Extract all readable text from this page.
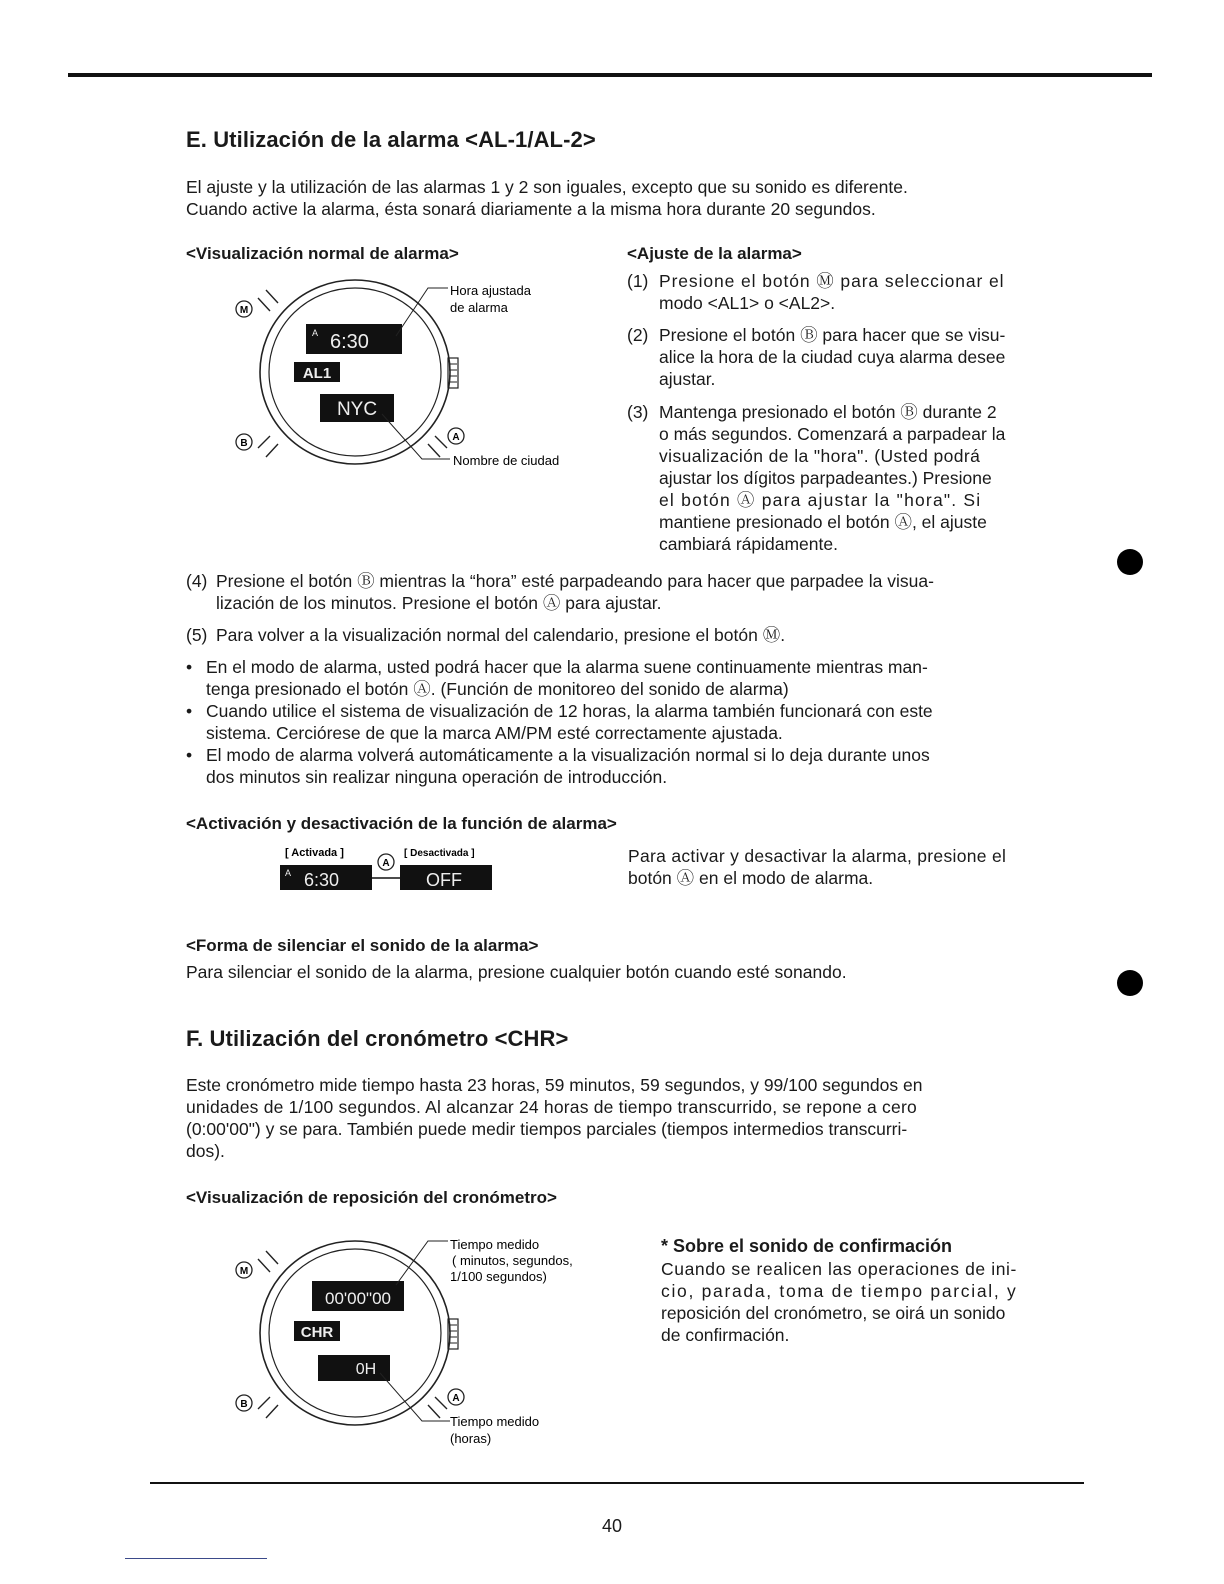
E. Utilización de la alarma <AL-1/AL-2>

El ajuste y la utilización de las alarmas 1 y 2 son iguales, excepto que su sonido es diferente.

Cuando active la alarma, ésta sonará diariamente a la misma hora durante 20 segundos.

<Visualización normal de alarma>

M
B
A
A 6:30
AL1
NYC
Hora ajustada
de alarma
Nombre de ciudad

<Ajuste de la alarma>

(1) Presione el botón Ⓜ para seleccionar el
modo <AL1> o <AL2>.
(2) Presione el botón Ⓑ para hacer que se visu-
alice la hora de la ciudad cuya alarma desee
ajustar.
(3) Mantenga presionado el botón Ⓑ durante 2
o más segundos. Comenzará a parpadear la
visualización de la "hora". (Usted podrá
ajustar los dígitos parpadeantes.) Presione
el botón Ⓐ para ajustar la "hora". Si
mantiene presionado el botón Ⓐ, el ajuste
cambiará rápidamente.
(4) Presione el botón Ⓑ mientras la “hora” esté parpadeando para hacer que parpadee la visua-
lización de los minutos. Presione el botón Ⓐ para ajustar.
(5) Para volver a la visualización normal del calendario, presione el botón Ⓜ.
• En el modo de alarma, usted podrá hacer que la alarma suene continuamente mientras man-
tenga presionado el botón Ⓐ. (Función de monitoreo del sonido de alarma)
• Cuando utilice el sistema de visualización de 12 horas, la alarma también funcionará con este
sistema. Cerciórese de que la marca AM/PM esté correctamente ajustada.
• El modo de alarma volverá automáticamente a la visualización normal si lo deja durante unos
dos minutos sin realizar ninguna operación de introducción.

<Activación y desactivación de la función de alarma>

[ Activada ]	[ Desactivada ]
A 6:30	OFF
A	Para activar y desactivar la alarma, presione el

botón Ⓐ en el modo de alarma.

<Forma de silenciar el sonido de la alarma>

Para silenciar el sonido de la alarma, presione cualquier botón cuando esté sonando.

F. Utilización del cronómetro <CHR>

Este cronómetro mide tiempo hasta 23 horas, 59 minutos, 59 segundos, y 99/100 segundos en

unidades de 1/100 segundos. Al alcanzar 24 horas de tiempo transcurrido, se repone a cero

(0:00'00") y se para. También puede medir tiempos parciales (tiempos intermedios transcurri-

dos).

<Visualización de reposición del cronómetro>

M
B
A
00'00"00
CHR
0H
Tiempo medido
( minutos, segundos,
1/100 segundos)
Tiempo medido
(horas)

* Sobre el sonido de confirmación

Cuando se realicen las operaciones de ini-

cio, parada, toma de tiempo parcial, y

reposición del cronómetro, se oirá un sonido

de confirmación.

40
